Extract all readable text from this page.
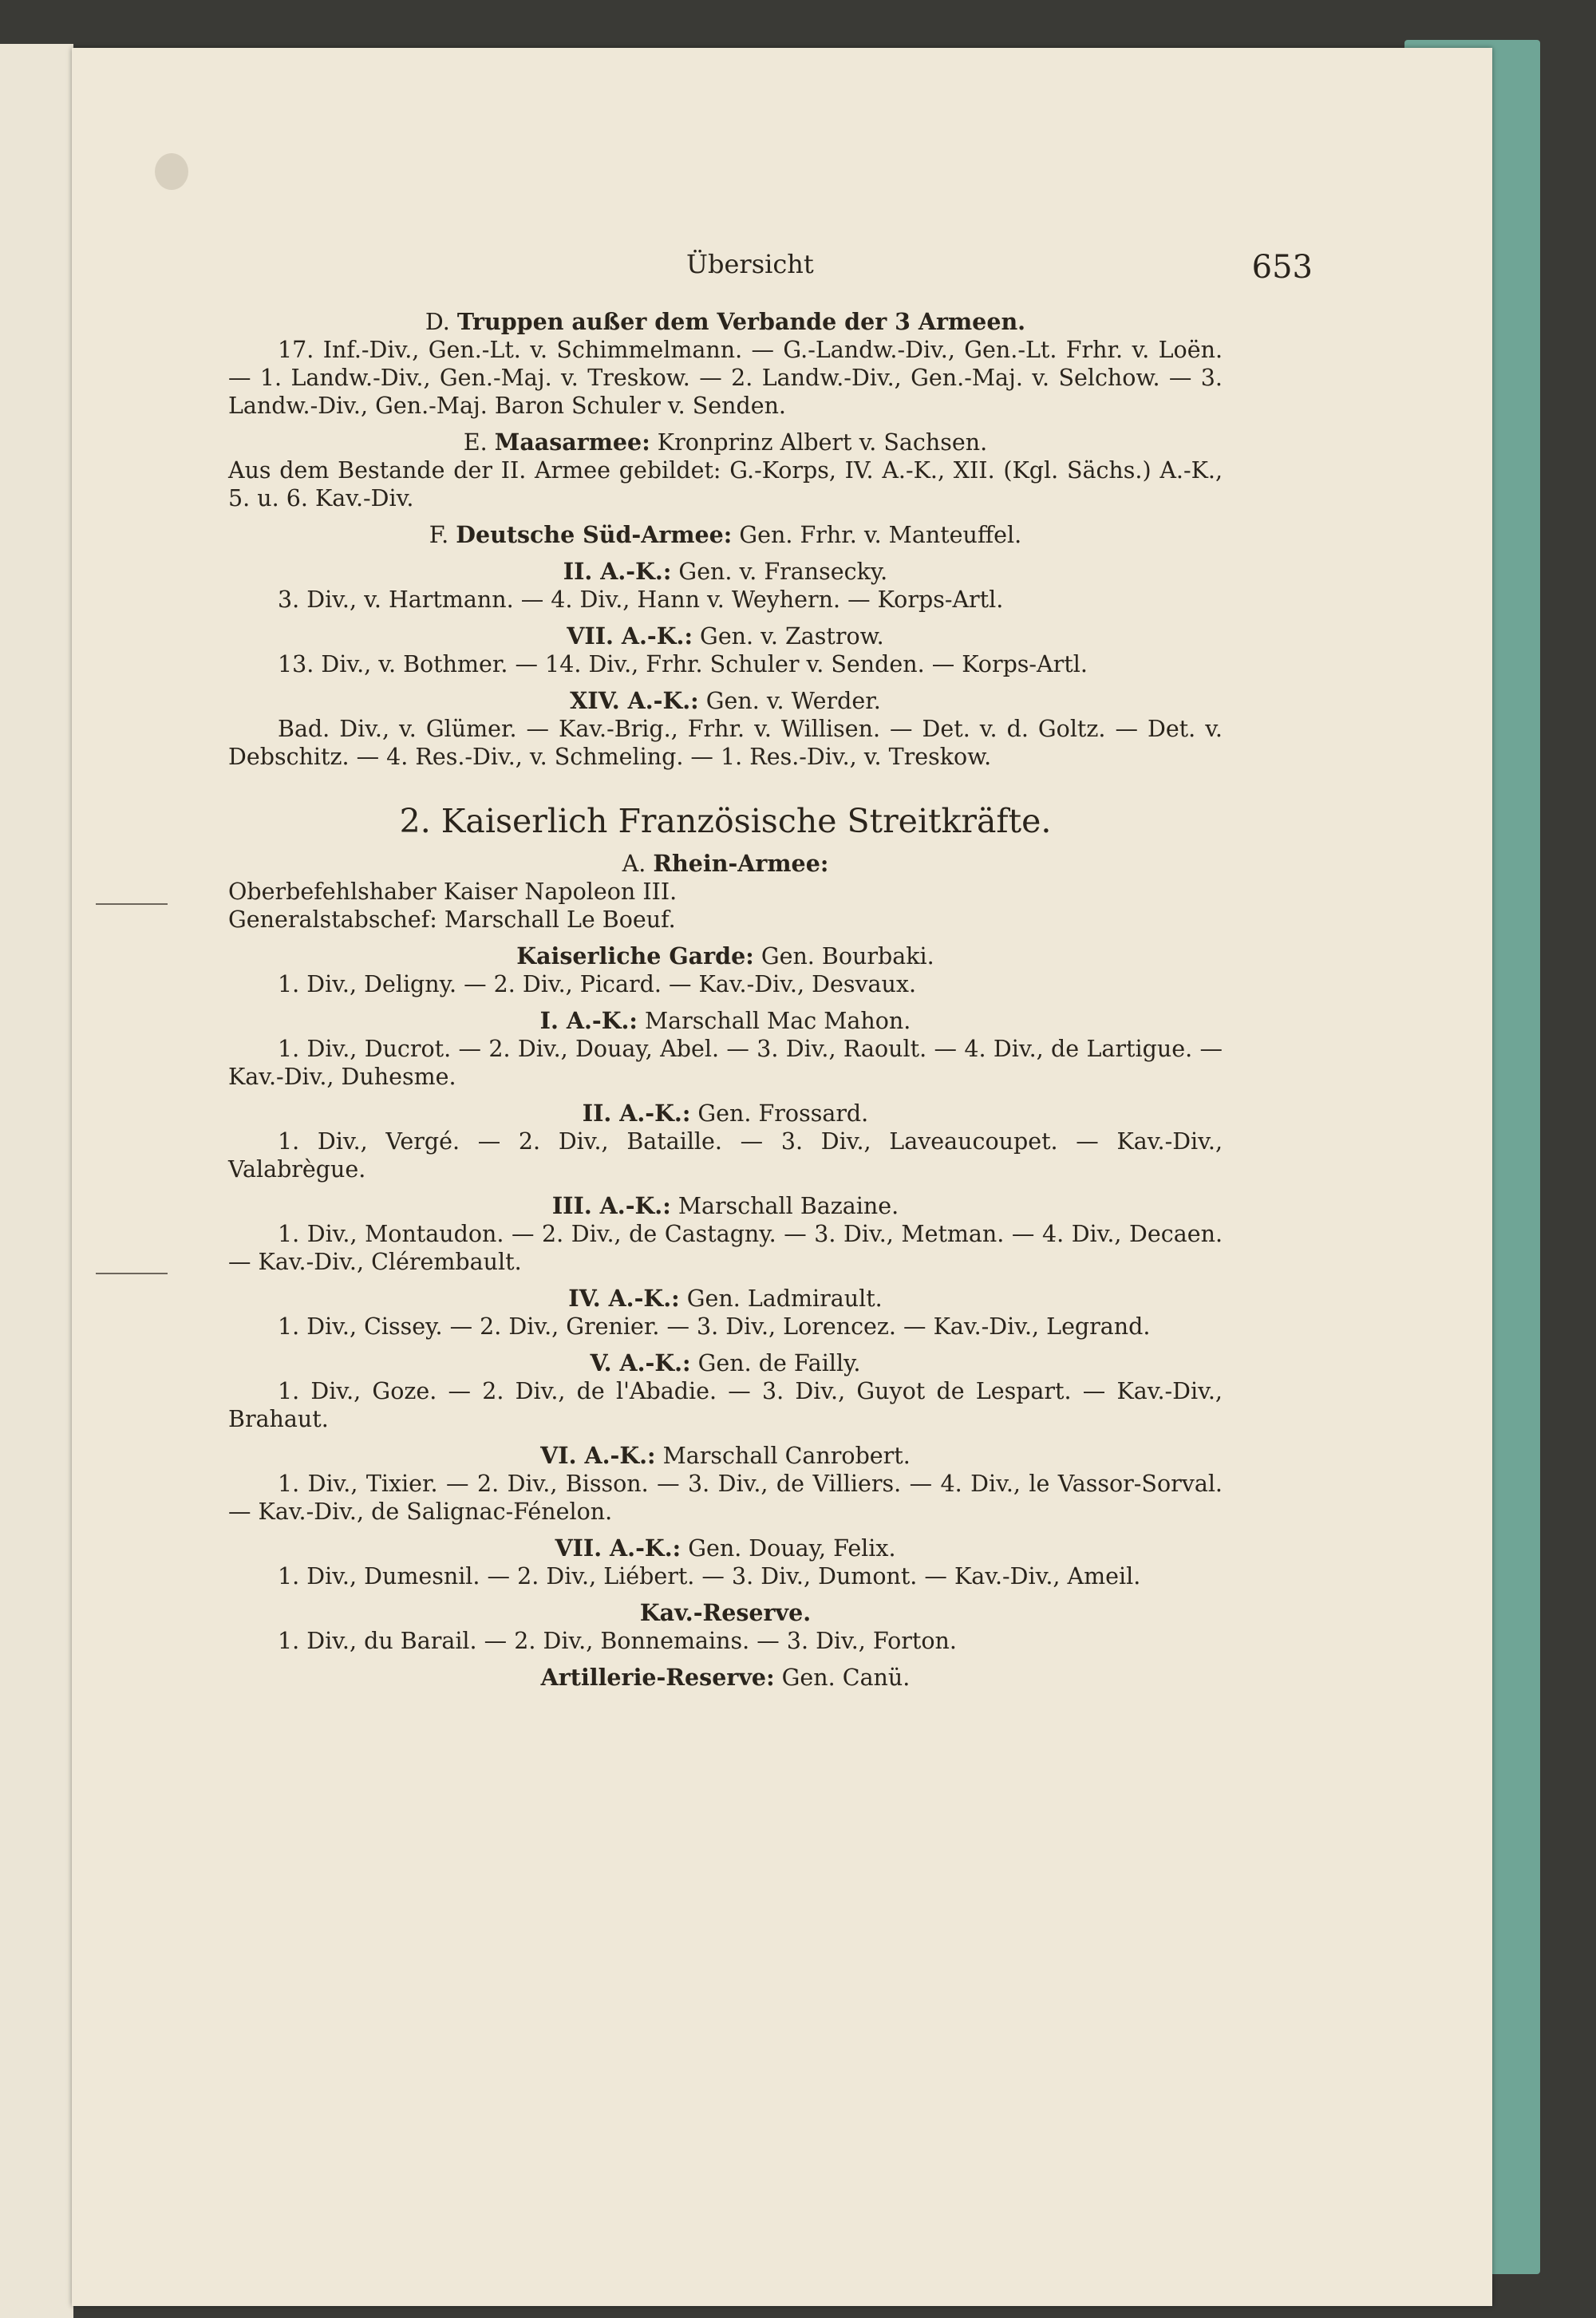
Übersicht	653
D. Truppen außer dem Verbande der 3 Armeen.
17. Inf.-Div., Gen.-Lt. v. Schimmelmann. — G.-Landw.-Div., Gen.-Lt. Frhr. v. Loën. — 1. Landw.-Div., Gen.-Maj. v. Treskow. — 2. Landw.-Div., Gen.-Maj. v. Selchow. — 3. Landw.-Div., Gen.-Maj. Baron Schuler v. Senden.
E. Maasarmee: Kronprinz Albert v. Sachsen.
Aus dem Bestande der II. Armee gebildet: G.-Korps, IV. A.-K., XII. (Kgl. Sächs.) A.-K., 5. u. 6. Kav.-Div.
F. Deutsche Süd-Armee: Gen. Frhr. v. Manteuffel.
II. A.-K.: Gen. v. Fransecky.
3. Div., v. Hartmann. — 4. Div., Hann v. Weyhern. — Korps-Artl.
VII. A.-K.: Gen. v. Zastrow.
13. Div., v. Bothmer. — 14. Div., Frhr. Schuler v. Senden. — Korps-Artl.
XIV. A.-K.: Gen. v. Werder.
Bad. Div., v. Glümer. — Kav.-Brig., Frhr. v. Willisen. — Det. v. d. Goltz. — Det. v. Debschitz. — 4. Res.-Div., v. Schmeling. — 1. Res.-Div., v. Treskow.
2. Kaiserlich Französische Streitkräfte.
A. Rhein-Armee:
Oberbefehlshaber Kaiser Napoleon III.
Generalstabschef: Marschall Le Boeuf.
Kaiserliche Garde: Gen. Bourbaki.
1. Div., Deligny. — 2. Div., Picard. — Kav.-Div., Desvaux.
I. A.-K.: Marschall Mac Mahon.
1. Div., Ducrot. — 2. Div., Douay, Abel. — 3. Div., Raoult. — 4. Div., de Lartigue. — Kav.-Div., Duhesme.
II. A.-K.: Gen. Frossard.
1. Div., Vergé. — 2. Div., Bataille. — 3. Div., Laveaucoupet. — Kav.-Div., Valabrègue.
III. A.-K.: Marschall Bazaine.
1. Div., Montaudon. — 2. Div., de Castagny. — 3. Div., Metman. — 4. Div., Decaen. — Kav.-Div., Clérembault.
IV. A.-K.: Gen. Ladmirault.
1. Div., Cissey. — 2. Div., Grenier. — 3. Div., Lorencez. — Kav.-Div., Legrand.
V. A.-K.: Gen. de Failly.
1. Div., Goze. — 2. Div., de l'Abadie. — 3. Div., Guyot de Lespart. — Kav.-Div., Brahaut.
VI. A.-K.: Marschall Canrobert.
1. Div., Tixier. — 2. Div., Bisson. — 3. Div., de Villiers. — 4. Div., le Vassor-Sorval. — Kav.-Div., de Salignac-Fénelon.
VII. A.-K.: Gen. Douay, Felix.
1. Div., Dumesnil. — 2. Div., Liébert. — 3. Div., Dumont. — Kav.-Div., Ameil.
Kav.-Reserve.
1. Div., du Barail. — 2. Div., Bonnemains. — 3. Div., Forton.
Artillerie-Reserve: Gen. Canü.
